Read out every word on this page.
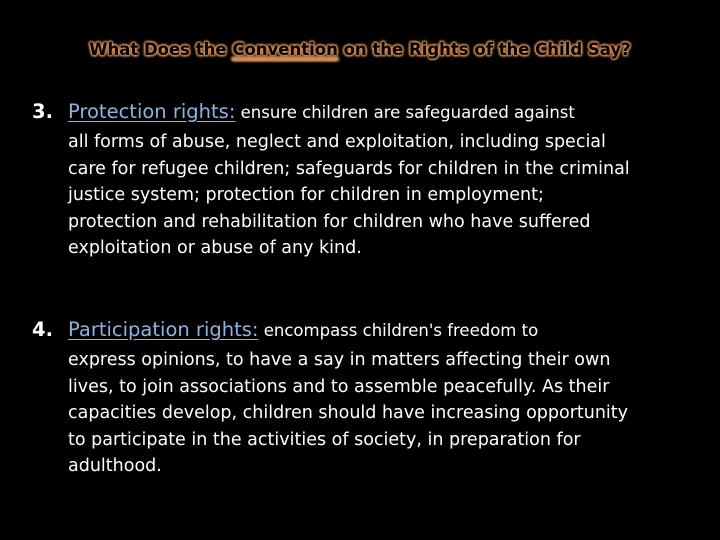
What Does the Convention on the Rights of the Child Say?
3. Protection rights: ensure children are safeguarded against
all forms of abuse, neglect and exploitation, including special
care for refugee children; safeguards for children in the criminal
justice system; protection for children in employment;
protection and rehabilitation for children who have suffered
exploitation or abuse of any kind.
4. Participation rights: encompass children's freedom to
express opinions, to have a say in matters affecting their own
lives, to join associations and to assemble peacefully. As their
capacities develop, children should have increasing opportunity
to participate in the activities of society, in preparation for
adulthood.
